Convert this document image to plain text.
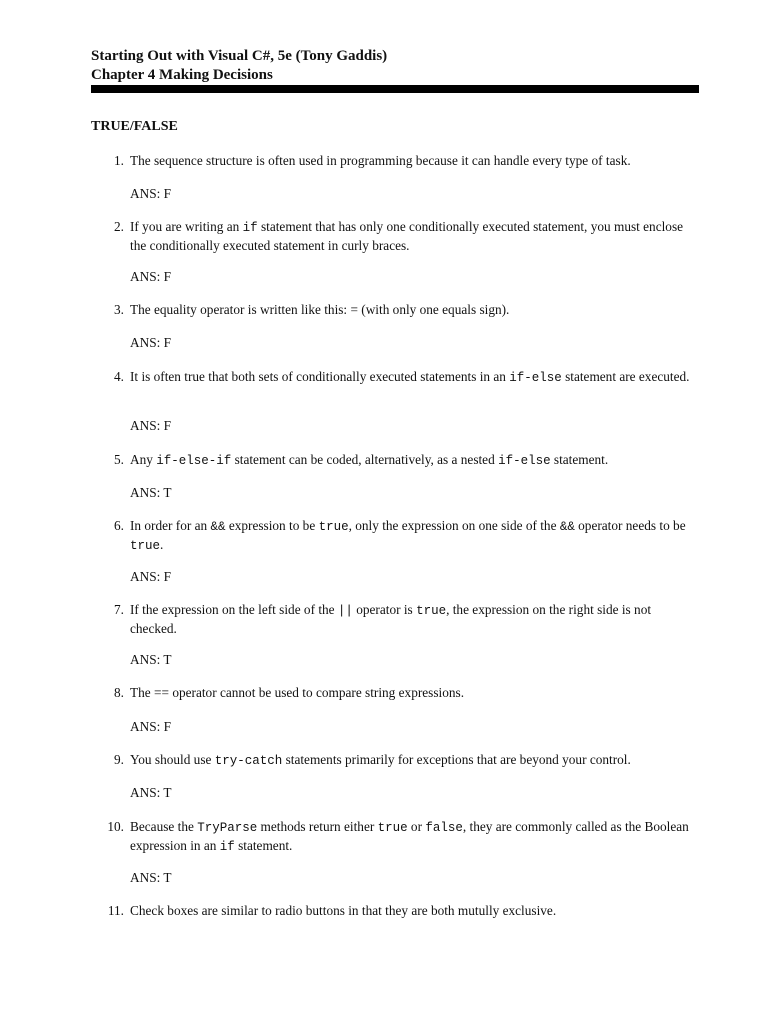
Starting Out with Visual C#, 5e (Tony Gaddis)
Chapter 4 Making Decisions
TRUE/FALSE
1. The sequence structure is often used in programming because it can handle every type of task.
ANS: F
2. If you are writing an if statement that has only one conditionally executed statement, you must enclose the conditionally executed statement in curly braces.
ANS: F
3. The equality operator is written like this: = (with only one equals sign).
ANS: F
4. It is often true that both sets of conditionally executed statements in an if-else statement are executed.
ANS: F
5. Any if-else-if statement can be coded, alternatively, as a nested if-else statement.
ANS: T
6. In order for an && expression to be true, only the expression on one side of the && operator needs to be true.
ANS: F
7. If the expression on the left side of the || operator is true, the expression on the right side is not checked.
ANS: T
8. The == operator cannot be used to compare string expressions.
ANS: F
9. You should use try-catch statements primarily for exceptions that are beyond your control.
ANS: T
10. Because the TryParse methods return either true or false, they are commonly called as the Boolean expression in an if statement.
ANS: T
11. Check boxes are similar to radio buttons in that they are both mutully exclusive.
